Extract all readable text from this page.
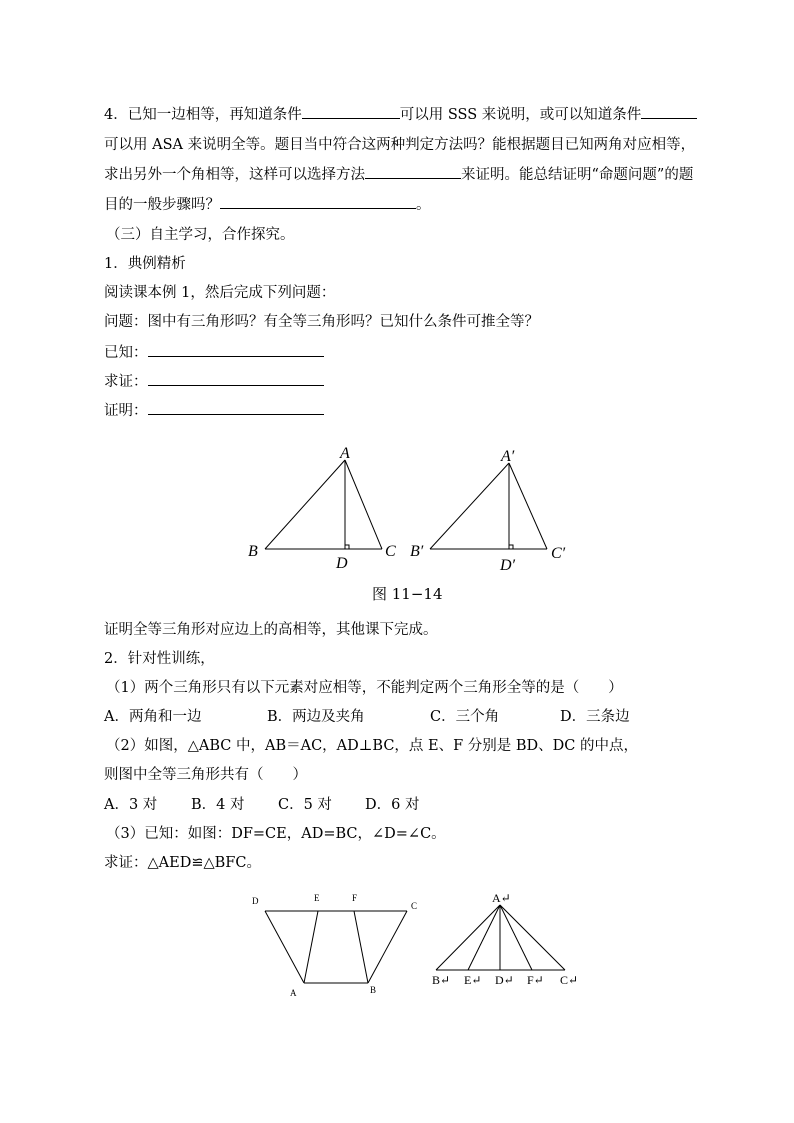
4．已知一边相等，再知道条件	可以用 SSS 来说明，或可以知道条件
可以用 ASA 来说明全等。题目当中符合这两种判定方法吗？能根据题目已知两角对应相等，
求出另外一个角相等，这样可以选择方法	来证明。能总结证明“命题问题”的题
目的一般步骤吗？	。
（三）自主学习，合作探究。
1．典例精析
阅读课本例 1，然后完成下列问题：
问题：图中有三角形吗？有全等三角形吗？已知什么条件可推全等？
已知：
求证：
证明：
A
B	C
D
A′
B′	C′
D′
D	E	F
C
A	B
A↵
B↵ E↵ D↵ F↵ C↵
图 11−14
证明全等三角形对应边上的高相等，其他课下完成。
2．针对性训练，
（1）两个三角形只有以下元素对应相等，不能判定两个三角形全等的是（　　）
A．两角和一边	B．两边及夹角	C．三个角	D．三条边
（2）如图，△ABC 中，AB＝AC，AD⊥BC，点 E、F 分别是 BD、DC 的中点，
则图中全等三角形共有（　　）
A．3 对 B．4 对 C．5 对 D．6 对
（3）已知：如图：DF=CE，AD=BC，∠D=∠C。
求证：△AED≌△BFC。
